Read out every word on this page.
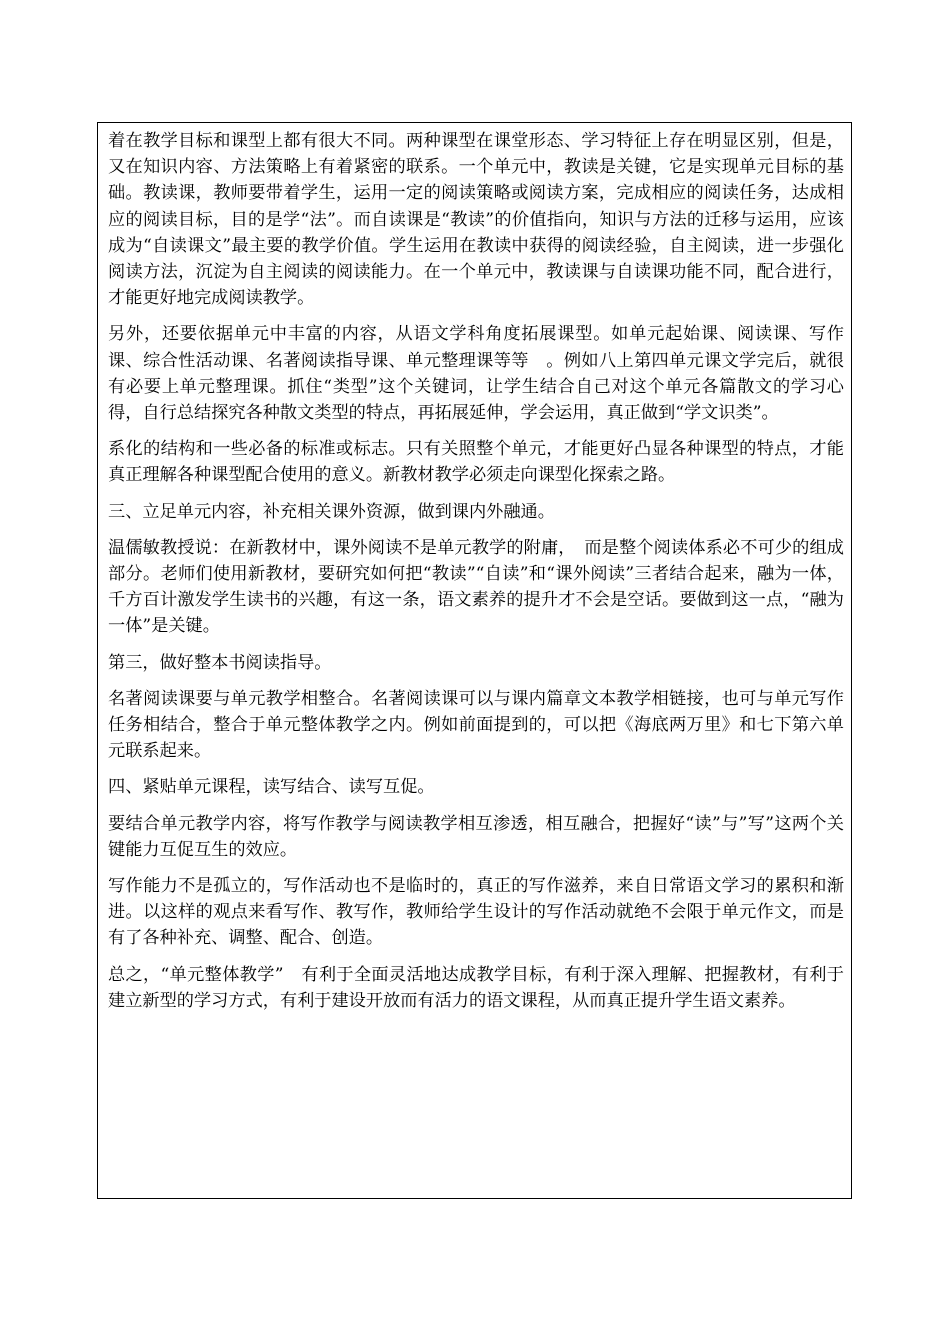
着在教学目标和课型上都有很大不同。两种课型在课堂形态、学习特征上存在明显区别，但是，又在知识内容、方法策略上有着紧密的联系。一个单元中，教读是关键，它是实现单元目标的基础。教读课，教师要带着学生，运用一定的阅读策略或阅读方案，完成相应的阅读任务，达成相应的阅读目标，目的是学“法”。而自读课是“教读”的价值指向，知识与方法的迁移与运用，应该成为“自读课文”最主要的教学价值。学生运用在教读中获得的阅读经验，自主阅读，进一步强化阅读方法，沉淀为自主阅读的阅读能力。在一个单元中，教读课与自读课功能不同，配合进行，才能更好地完成阅读教学。

另外，还要依据单元中丰富的内容，从语文学科角度拓展课型。如单元起始课、阅读课、写作课、综合性活动课、名著阅读指导课、单元整理课等等　。例如八上第四单元课文学完后，就很有必要上单元整理课。抓住“类型”这个关键词，让学生结合自己对这个单元各篇散文的学习心得，自行总结探究各种散文类型的特点，再拓展延伸，学会运用，真正做到“学文识类”。

系化的结构和一些必备的标准或标志。只有关照整个单元，才能更好凸显各种课型的特点，才能真正理解各种课型配合使用的意义。新教材教学必须走向课型化探索之路。

三、立足单元内容，补充相关课外资源，做到课内外融通。

温儒敏教授说：在新教材中，课外阅读不是单元教学的附庸，　而是整个阅读体系必不可少的组成部分。老师们使用新教材，要研究如何把“教读”“自读”和“课外阅读”三者结合起来，融为一体，千方百计激发学生读书的兴趣，有这一条，语文素养的提升才不会是空话。要做到这一点，“融为一体”是关键。

第三，做好整本书阅读指导。

名著阅读课要与单元教学相整合。名著阅读课可以与课内篇章文本教学相链接，也可与单元写作任务相结合，整合于单元整体教学之内。例如前面提到的，可以把《海底两万里》和七下第六单元联系起来。

四、紧贴单元课程，读写结合、读写互促。

要结合单元教学内容，将写作教学与阅读教学相互渗透，相互融合，把握好“读”与”写”这两个关键能力互促互生的效应。

写作能力不是孤立的，写作活动也不是临时的，真正的写作滋养，来自日常语文学习的累积和渐进。以这样的观点来看写作、教写作，教师给学生设计的写作活动就绝不会限于单元作文，而是有了各种补充、调整、配合、创造。

总之，“单元整体教学”　有利于全面灵活地达成教学目标，有利于深入理解、把握教材，有利于建立新型的学习方式，有利于建设开放而有活力的语文课程，从而真正提升学生语文素养。
